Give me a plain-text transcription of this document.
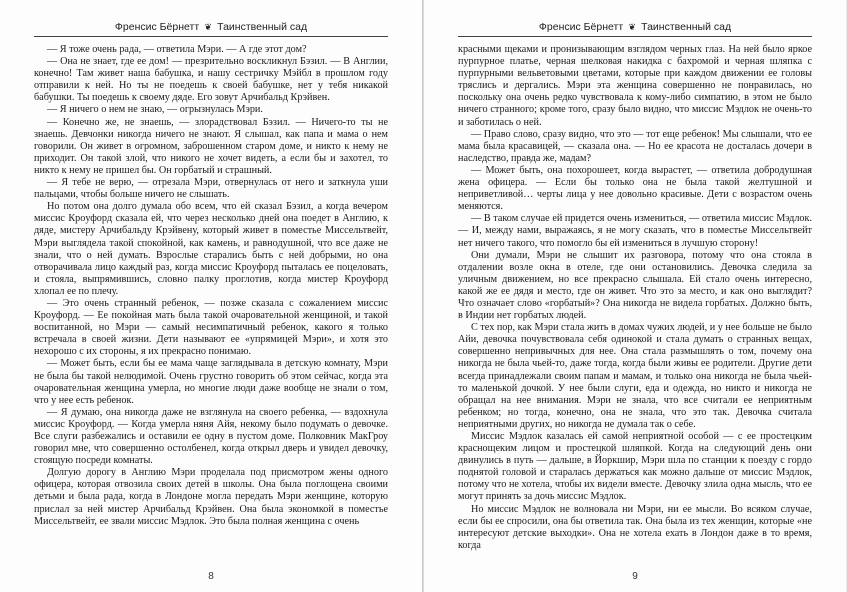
Френсис Бёрнетт ❦ Таинственный сад

— Я тоже очень рада, — ответила Мэри. — А где этот дом?

— Она не знает, где ее дом! — презрительно воскликнул Бэзил. — В Англии, конечно! Там живет наша бабушка, и нашу сестричку Мэйбл в прошлом году отправили к ней. Но ты не поедешь к своей бабушке, нет у тебя никакой бабушки. Ты поедешь к своему дяде. Его зовут Арчибальд Крэйвен.

— Я ничего о нем не знаю, — огрызнулась Мэри.

— Конечно же, не знаешь, — злорадствовал Бэзил. — Ничего-то ты не знаешь. Девчонки никогда ничего не знают. Я слышал, как папа и мама о нем говорили. Он живет в огромном, заброшенном старом доме, и никто к нему не приходит. Он такой злой, что никого не хочет видеть, а если бы и захотел, то никто к нему не пришел бы. Он горбатый и страшный.

— Я тебе не верю, — отрезала Мэри, отвернулась от него и заткнула уши пальцами, чтобы больше ничего не слышать.

Но потом она долго думала обо всем, что ей сказал Бэзил, а когда вечером миссис Крoуфорд сказала ей, что через несколько дней она поедет в Англию, к дяде, мистеру Арчибальду Крэйвену, который живет в поместье Миссельтвейт, Мэри выглядела такой спокойной, как камень, и равнодушной, что все даже не знали, что о ней думать. Взрослые старались быть с ней добрыми, но она отворачивала лицо каждый раз, когда миссис Крoуфорд пыталась ее поцеловать, и стояла, выпрямившись, словно палку проглотив, когда мистер Крoуфорд хлопал ее по плечу.

— Это очень странный ребенок, — позже сказала с сожалением миссис Крoуфорд. — Ее покойная мать была такой очаровательной женщиной, и такой воспитанной, но Мэри — самый несимпатичный ребенок, какого я только встречала в своей жизни. Дети называют ее «упрямицей Мэри», и хотя это нехорошо с их стороны, я их прекрасно понимаю.

— Может быть, если бы ее мама чаще заглядывала в детскую комнату, Мэри не была бы такой нелюдимой. Очень грустно говорить об этом сейчас, когда эта очаровательная женщина умерла, но многие люди даже вообще не знали о том, что у нее есть ребенок.

— Я думаю, она никогда даже не взглянула на своего ребенка, — вздохнула миссис Крoуфорд. — Когда умерла няня Айя, некому было подумать о девочке. Все слуги разбежались и оставили ее одну в пустом доме. Полковник МакГроу говорил мне, что совершенно остолбенел, когда открыл дверь и увидел девочку, стоящую посреди комнаты.

Долгую дорогу в Англию Мэри проделала под присмотром жены одного офицера, которая отвозила своих детей в школы. Она была поглощена своими детьми и была рада, когда в Лондоне могла передать Мэри женщине, которую прислал за ней мистер Арчибальд Крэйвен. Она была экономкой в поместье Миссельтвейт, ее звали миссис Мэдлок. Это была полная женщина с очень

8
Френсис Бёрнетт ❦ Таинственный сад

красными щеками и пронизывающим взглядом черных глаз. На ней было яркое пурпурное платье, черная шелковая накидка с бахромой и черная шляпка с пурпурными вельветовыми цветами, которые при каждом движении ее головы тряслись и дергались. Мэри эта женщина совершенно не понравилась, но поскольку она очень редко чувствовала к кому-либо симпатию, в этом не было ничего странного; кроме того, сразу было видно, что миссис Мэдлок не очень-то и заботилась о ней.

— Право слово, сразу видно, что это — тот еще ребенок! Мы слышали, что ее мама была красавицей, — сказала она. — Но ее красота не досталась дочери в наследство, правда же, мадам?

— Может быть, она похорошеет, когда вырастет, — ответила добродушная жена офицера. — Если бы только она не была такой желтушной и неприветливой… черты лица у нее довольно красивые. Дети с возрастом очень меняются.

— В таком случае ей придется очень измениться, — ответила миссис Мэдлок. — И, между нами, выражаясь, я не могу сказать, что в поместье Миссельтвейт нет ничего такого, что помогло бы ей измениться в лучшую сторону!

Они думали, Мэри не слышит их разговора, потому что она стояла в отдалении возле окна в отеле, где они остановились. Девочка следила за уличным движением, но все прекрасно слышала. Ей стало очень интересно, какой же ее дядя и место, где он живет. Что это за место, и как оно выглядит? Что означает слово «горбатый»? Она никогда не видела горбатых. Должно быть, в Индии нет горбатых людей.

С тех пор, как Мэри стала жить в домах чужих людей, и у нее больше не было Айи, девочка почувствовала себя одинокой и стала думать о странных вещах, совершенно непривычных для нее. Она стала размышлять о том, почему она никогда не была чьей-то, даже тогда, когда были живы ее родители. Другие дети всегда принадлежали своим папам и мамам, и только она никогда не была чьей-то маленькой дочкой. У нее были слуги, еда и одежда, но никто и никогда не обращал на нее внимания. Мэри не знала, что все считали ее неприятным ребенком; но тогда, конечно, она не знала, что это так. Девочка считала неприятными других, но никогда не думала так о себе.

Миссис Мэдлок казалась ей самой неприятной особой — с ее простецким краснощеким лицом и простецкой шляпкой. Когда на следующий день они двинулись в путь — дальше, в Йоркшир, Мэри шла по станции к поезду с гордо поднятой головой и старалась держаться как можно дальше от миссис Мэдлок, потому что не хотела, чтобы их видели вместе. Девочку злила одна мысль, что ее могут принять за дочь миссис Мэдлок.

Но миссис Мэдлок не волновала ни Мэри, ни ее мысли. Во всяком случае, если бы ее спросили, она бы ответила так. Она была из тех женщин, которые «не интересуют детские выходки». Она не хотела ехать в Лондон даже в то время, когда

9
